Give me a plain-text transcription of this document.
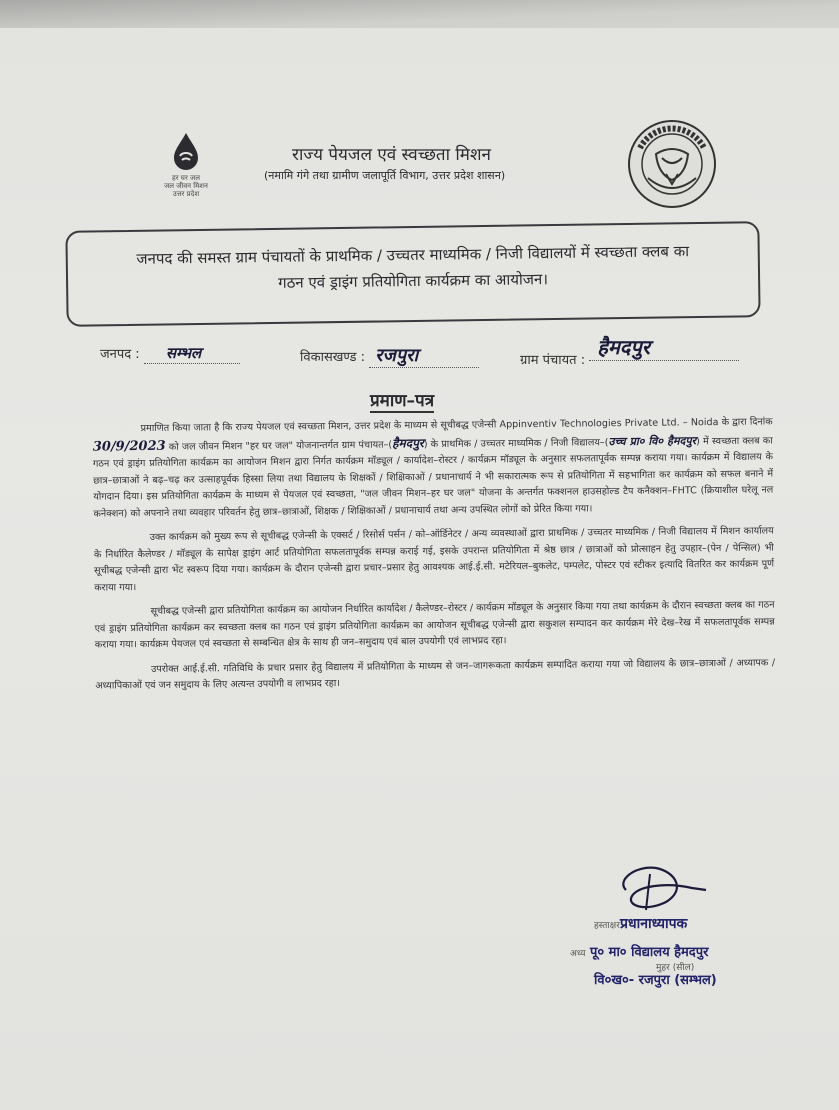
हर घर जल
जल जीवन मिशन
उत्तर प्रदेश
राज्य पेयजल एवं स्वच्छता मिशन
(नमामि गंगे तथा ग्रामीण जलापूर्ति विभाग, उत्तर प्रदेश शासन)
जनपद की समस्त ग्राम पंचायतों के प्राथमिक / उच्चतर माध्यमिक / निजी विद्यालयों में स्वच्छता क्लब का
गठन एवं ड्राइंग प्रतियोगिता कार्यक्रम का आयोजन।
जनपद : सम्भल	विकासखण्ड : रजपुरा	ग्राम पंचायत : हैमदपुर
प्रमाण–पत्र

प्रमाणित किया जाता है कि राज्य पेयजल एवं स्वच्छता मिशन, उत्तर प्रदेश के माध्यम से सूचीबद्ध एजेन्सी Appinventiv Technologies Private Ltd. – Noida के द्वारा दिनांक 30/9/2023 को जल जीवन मिशन "हर घर जल" योजनान्तर्गत ग्राम पंचायत–(हैमदपुर) के प्राथमिक / उच्चतर माध्यमिक / निजी विद्यालय–(उच्च प्रा० वि० हैमदपुर) में स्वच्छता क्लब का गठन एवं ड्राइंग प्रतियोगिता कार्यक्रम का आयोजन मिशन द्वारा निर्गत कार्यक्रम मॉड्यूल / कार्यादेश–रोस्टर / कार्यक्रम मॉड्यूल के अनुसार सफलतापूर्वक सम्पन्न कराया गया। कार्यक्रम में विद्यालय के छात्र–छात्राओं ने बढ़–चढ़ कर उत्साहपूर्वक हिस्सा लिया तथा विद्यालय के शिक्षकों / शिक्षिकाओं / प्रधानाचार्य ने भी सकारात्मक रूप से प्रतियोगिता में सहभागिता कर कार्यक्रम को सफल बनाने में योगदान दिया। इस प्रतियोगिता कार्यक्रम के माध्यम से पेयजल एवं स्वच्छता, "जल जीवन मिशन–हर घर जल" योजना के अन्तर्गत फक्शनल हाउसहोल्ड टैप कनैक्शन–FHTC (क्रियाशील घरेलू नल कनेक्शन) को अपनाने तथा व्यवहार परिवर्तन हेतु छात्र–छात्राओं, शिक्षक / शिक्षिकाओं / प्रधानाचार्य तथा अन्य उपस्थित लोगों को प्रेरित किया गया।

उक्त कार्यक्रम को मुख्य रूप से सूचीबद्ध एजेन्सी के एक्सर्ट / रिसोर्स पर्सन / को–ऑर्डिनेटर / अन्य व्यवस्थाओं द्वारा प्राथमिक / उच्चतर माध्यमिक / निजी विद्यालय में मिशन कार्यालय के निर्धारित कैलेण्डर / मॉड्यूल के सापेक्ष ड्राइंग आर्ट प्रतियोगिता सफलतापूर्वक सम्पन्न कराई गई, इसके उपरान्त प्रतियोगिता में श्रेष्ठ छात्र / छात्राओं को प्रोत्साहन हेतु उपहार–(पेन / पेन्सिल) भी सूचीबद्ध एजेन्सी द्वारा भेंट स्वरूप दिया गया। कार्यक्रम के दौरान एजेन्सी द्वारा प्रचार–प्रसार हेतु आवश्यक आई.ई.सी. मटेरियल–बुकलेट, पम्पलेट, पोस्टर एवं स्टीकर इत्यादि वितरित कर कार्यक्रम पूर्ण कराया गया।

सूचीबद्ध एजेन्सी द्वारा प्रतियोगिता कार्यक्रम का आयोजन निर्धारित कार्यादेश / कैलेण्डर–रोस्टर / कार्यक्रम मॉड्यूल के अनुसार किया गया तथा कार्यक्रम के दौरान स्वच्छता क्लब का गठन एवं ड्राइंग प्रतियोगिता कार्यक्रम कर स्वच्छता क्लब का गठन एवं ड्राइंग प्रतियोगिता कार्यक्रम का आयोजन सूचीबद्ध एजेन्सी द्वारा सकुशल सम्पादन कर कार्यक्रम मेरे देख–रेख में सफलतापूर्वक सम्पन्न कराया गया। कार्यक्रम पेयजल एवं स्वच्छता से सम्बन्धित क्षेत्र के साथ ही जन–समुदाय एवं बाल उपयोगी एवं लाभप्रद रहा।

उपरोक्त आई.ई.सी. गतिविधि के प्रचार प्रसार हेतु विद्यालय में प्रतियोगिता के माध्यम से जन–जागरूकता कार्यक्रम सम्पादित कराया गया जो विद्यालय के छात्र–छात्राओं / अध्यापक / अध्यापिकाओं एवं जन समुदाय के लिए अत्यन्त उपयोगी व लाभप्रद रहा।

हस्ताक्षर प्रधानाध्यापक
अध्य पू० मा० विद्यालय हैमदपुर
मुहर (सील)
वि०ख०- रजपुरा (सम्भल)
